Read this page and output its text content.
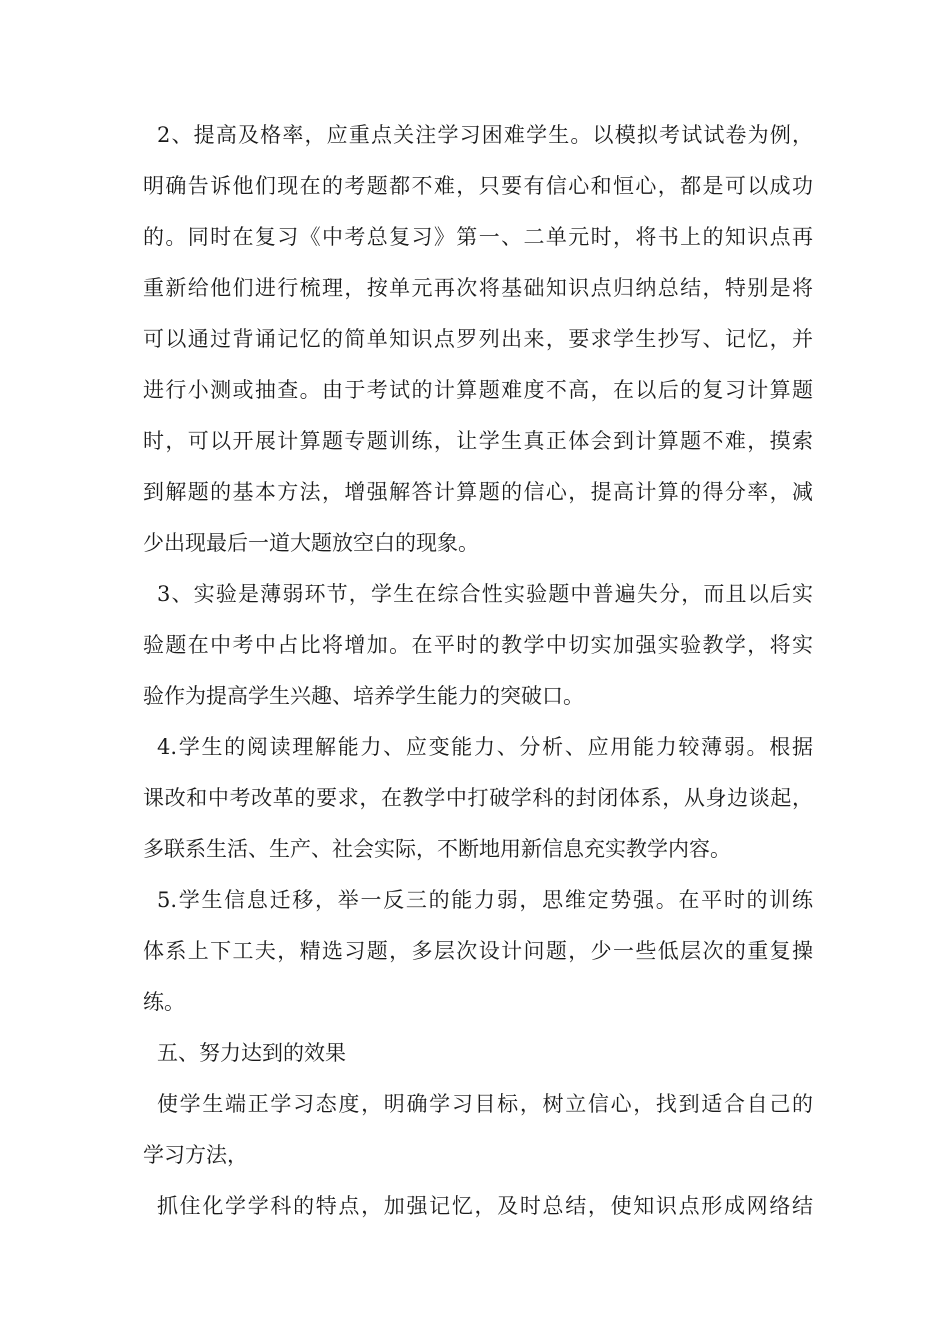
2、提高及格率，应重点关注学习困难学生。以模拟考试试卷为例，

明确告诉他们现在的考题都不难，只要有信心和恒心，都是可以成功

的。同时在复习《中考总复习》第一、二单元时，将书上的知识点再

重新给他们进行梳理，按单元再次将基础知识点归纳总结，特别是将

可以通过背诵记忆的简单知识点罗列出来，要求学生抄写、记忆，并

进行小测或抽查。由于考试的计算题难度不高，在以后的复习计算题

时，可以开展计算题专题训练，让学生真正体会到计算题不难，摸索

到解题的基本方法，增强解答计算题的信心，提高计算的得分率，减

少出现最后一道大题放空白的现象。

3、实验是薄弱环节，学生在综合性实验题中普遍失分，而且以后实

验题在中考中占比将增加。在平时的教学中切实加强实验教学，将实

验作为提高学生兴趣、培养学生能力的突破口。

4.学生的阅读理解能力、应变能力、分析、应用能力较薄弱。根据

课改和中考改革的要求，在教学中打破学科的封闭体系，从身边谈起，

多联系生活、生产、社会实际，不断地用新信息充实教学内容。

5.学生信息迁移，举一反三的能力弱，思维定势强。在平时的训练

体系上下工夫，精选习题，多层次设计问题，少一些低层次的重复操

练。

五、努力达到的效果

使学生端正学习态度，明确学习目标，树立信心，找到适合自己的

学习方法，

抓住化学学科的特点，加强记忆，及时总结，使知识点形成网络结
